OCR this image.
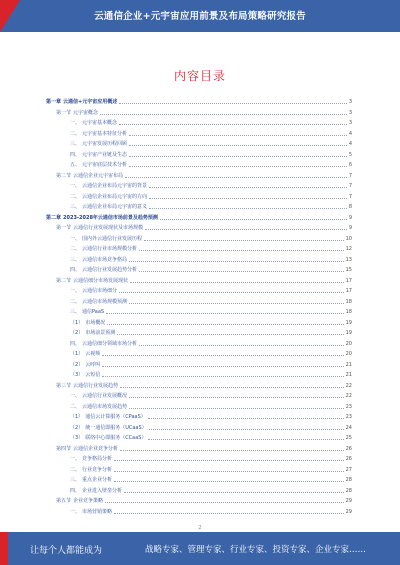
云通信企业+元宇宙应用前景及布局策略研究报告
内容目录
第一章 云通信+元宇宙应用概述	3
第一节 元宇宙概念	3
一、 元宇宙基本概念	3
二、 元宇宙基本特征分析	4
三、 元宇宙发展历程回顾	4
四、 元宇宙产业链及生态	5
五、 元宇宙底层技术分析	6
第二节 云通信企业元宇宙布局	7
一、 云通信企业布局元宇宙的背景	7
二、 云通信企业布局元宇宙的方向	7
三、 云通信企业布局元宇宙的意义	8
第二章 2023-2028年云通信市场前景及趋势预测	9
第一节 云通信行业发展现状及市场规模	9
一、 国内外云通信行业发展历程	10
二、 云通信行业市场规模分析	12
三、 云通信市场竞争格局	13
四、 云通信行业发展趋势分析	15
第二节 云通信细分市场发展现状	17
一、 云通信市场细分	17
二、 云通信市场规模预测	18
三、 通信PaaS	18
（1） 市场概况	19
（2） 市场前景预测	19
四、 云通信细分领域市场分析	20
（1） 云视频	20
（2） 云呼叫	21
（3） 云短信	21
第三节 云通信行业发展趋势	22
一、 云通信行业发展概况	22
二、 云通信市场发展趋势	23
（1） 通信云计算服务（CPaaS）	23
（2） 统一通信即服务（UCaaS）	24
（3） 联络中心即服务（CCaaS）	25
第四节 云通信企业竞争分析	26
一、 竞争格局分析	26
二、 行业竞争分析	27
三、 重点企业分析	28
四、 企业进入壁垒分析	28
第五节 企业竞争策略	29
一、 市场营销策略	29
2
让每个人都能成为	战略专家、管理专家、行业专家、投资专家、企业专家……
